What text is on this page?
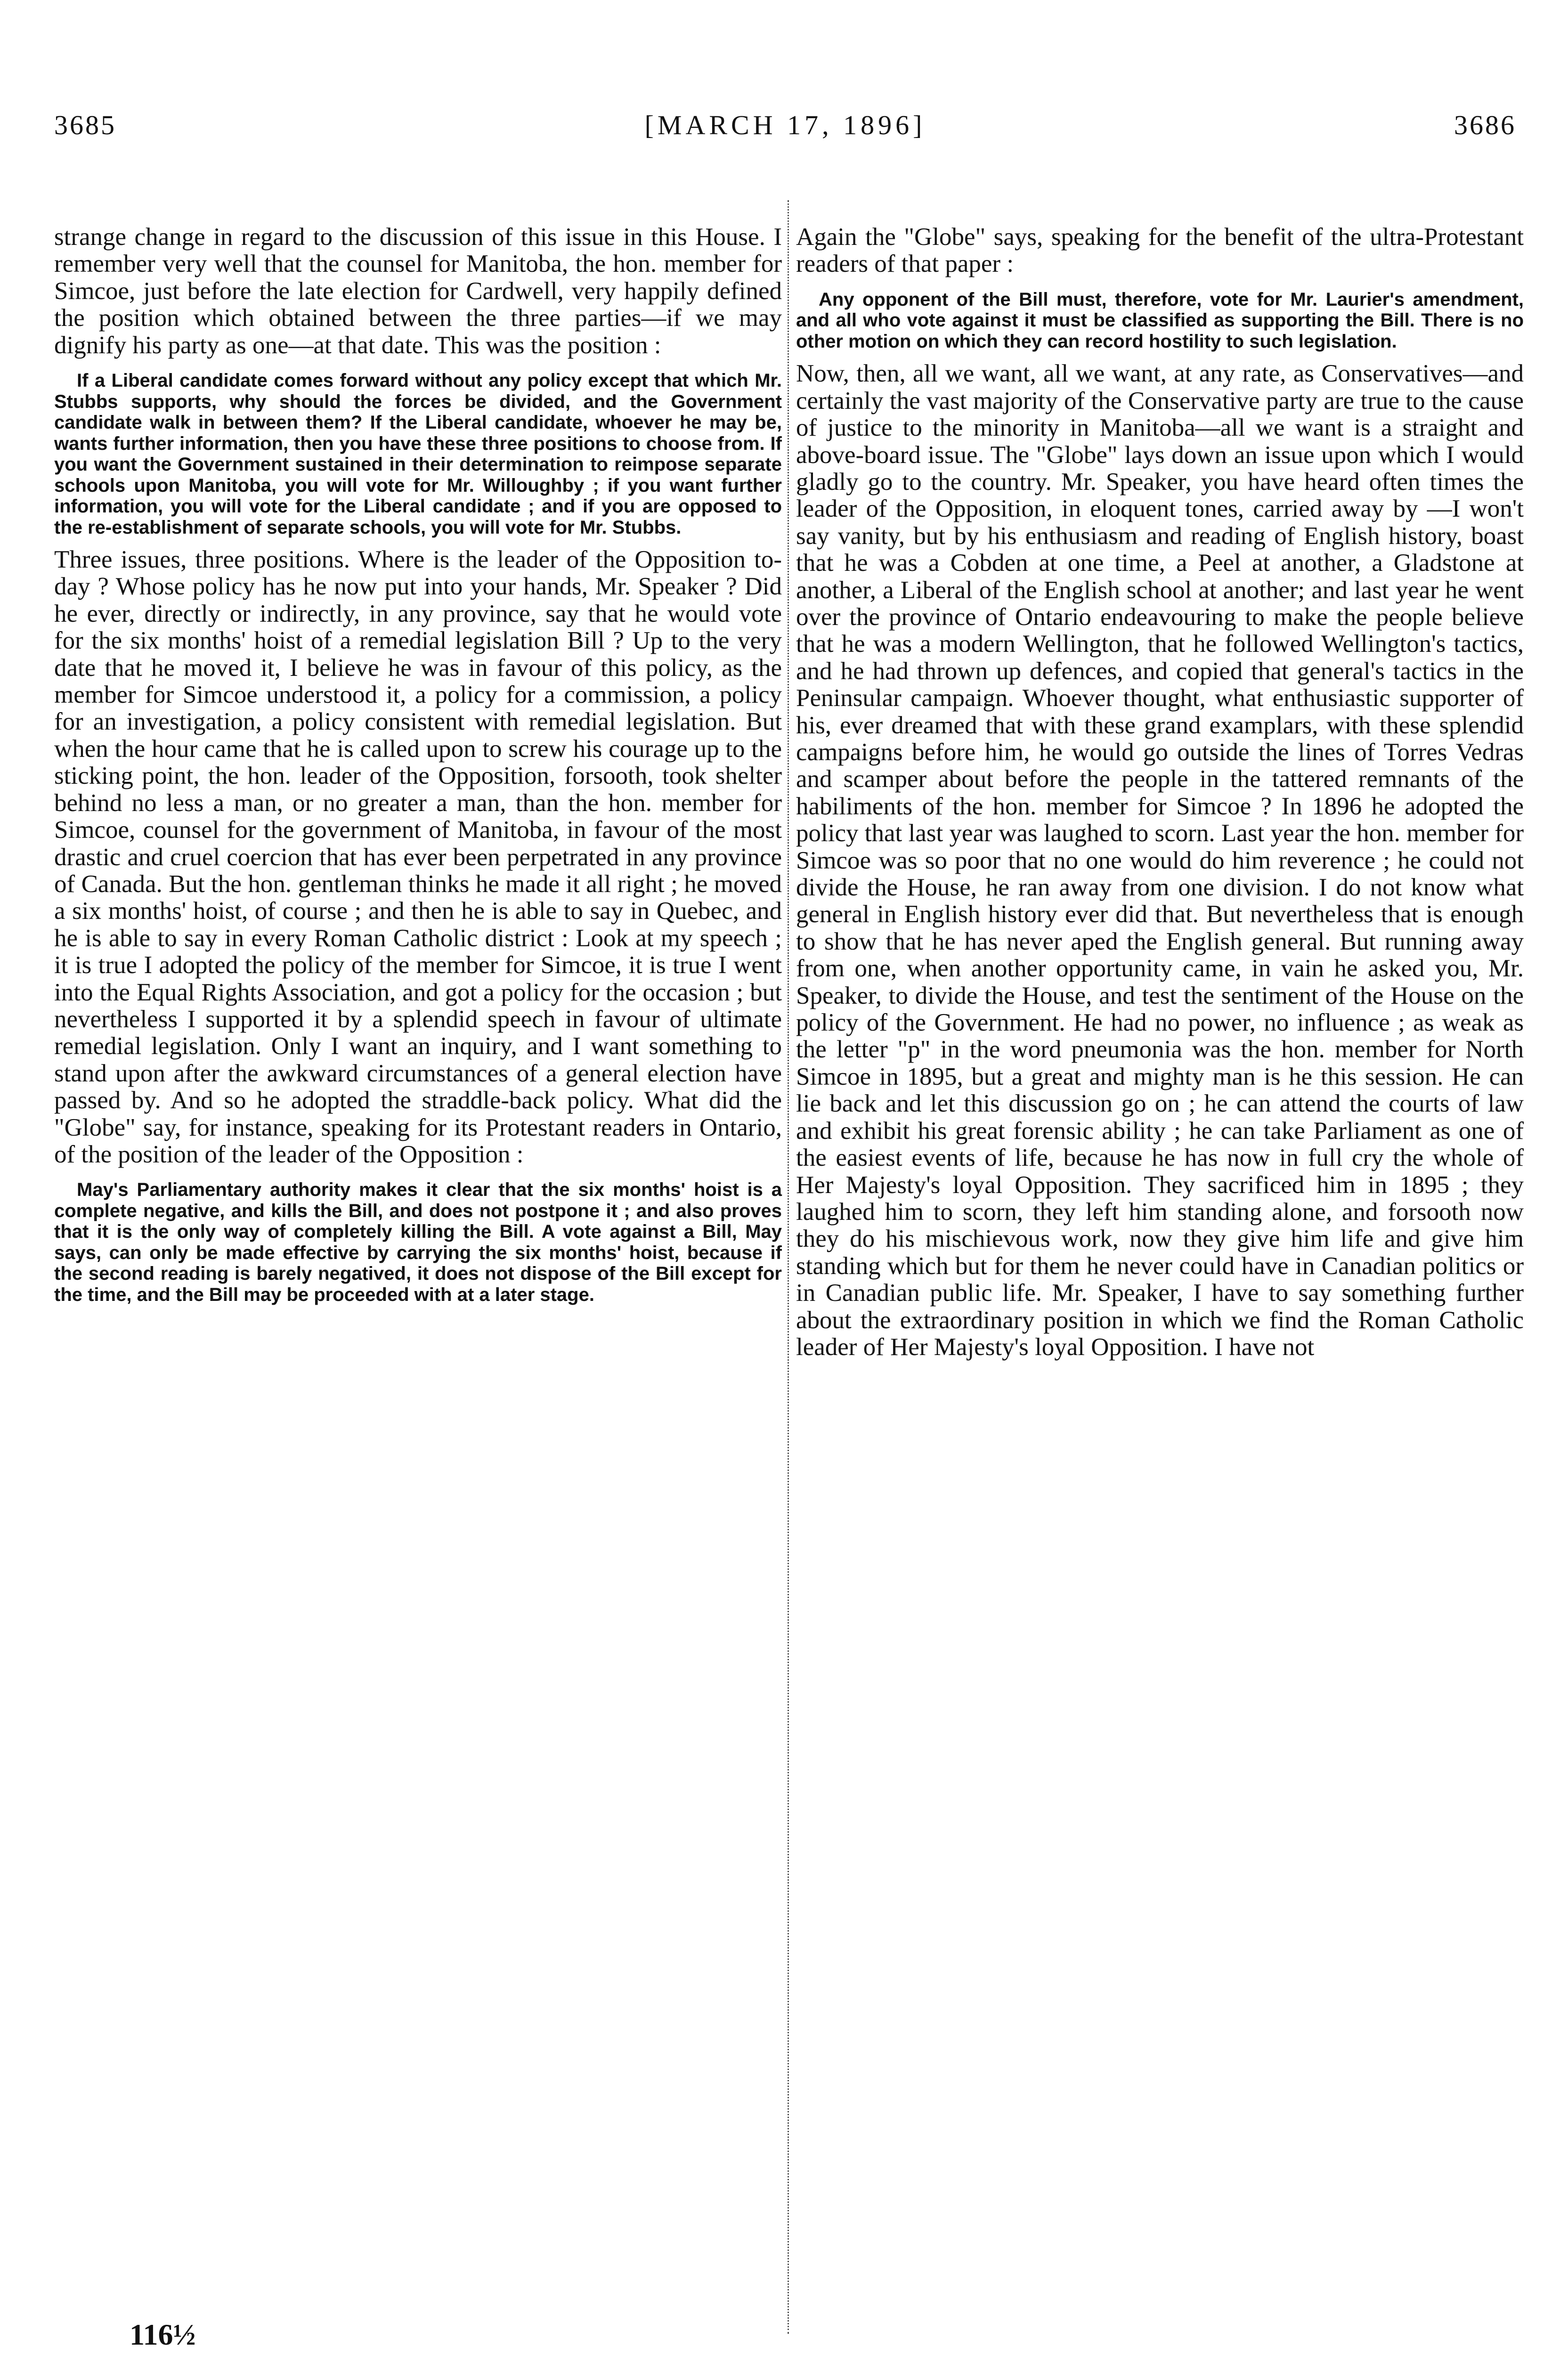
3685	[MARCH 17, 1896]	3686

strange change in regard to the discussion of this issue in this House. I remember very well that the counsel for Manitoba, the hon. member for Simcoe, just before the late election for Cardwell, very happily defined the position which obtained between the three parties—if we may dignify his party as one—at that date. This was the position :

If a Liberal candidate comes forward without any policy except that which Mr. Stubbs supports, why should the forces be divided, and the Government candidate walk in between them? If the Liberal candidate, whoever he may be, wants further information, then you have these three positions to choose from. If you want the Government sustained in their determination to reimpose separate schools upon Manitoba, you will vote for Mr. Willoughby ; if you want further information, you will vote for the Liberal candidate ; and if you are opposed to the re-establishment of separate schools, you will vote for Mr. Stubbs.

Three issues, three positions. Where is the leader of the Opposition to-day ? Whose policy has he now put into your hands, Mr. Speaker ? Did he ever, directly or indirectly, in any province, say that he would vote for the six months' hoist of a remedial legislation Bill ? Up to the very date that he moved it, I believe he was in favour of this policy, as the member for Simcoe understood it, a policy for a commission, a policy for an investigation, a policy consistent with remedial legislation. But when the hour came that he is called upon to screw his courage up to the sticking point, the hon. leader of the Opposition, forsooth, took shelter behind no less a man, or no greater a man, than the hon. member for Simcoe, counsel for the government of Manitoba, in favour of the most drastic and cruel coercion that has ever been perpetrated in any province of Canada. But the hon. gentleman thinks he made it all right ; he moved a six months' hoist, of course ; and then he is able to say in Quebec, and he is able to say in every Roman Catholic district : Look at my speech ; it is true I adopted the policy of the member for Simcoe, it is true I went into the Equal Rights Association, and got a policy for the occasion ; but nevertheless I supported it by a splendid speech in favour of ultimate remedial legislation. Only I want an inquiry, and I want something to stand upon after the awkward circumstances of a general election have passed by. And so he adopted the straddle-back policy. What did the "Globe" say, for instance, speaking for its Protestant readers in Ontario, of the position of the leader of the Opposition :

May's Parliamentary authority makes it clear that the six months' hoist is a complete negative, and kills the Bill, and does not postpone it ; and also proves that it is the only way of completely killing the Bill. A vote against a Bill, May says, can only be made effective by carrying the six months' hoist, because if the second reading is barely negatived, it does not dispose of the Bill except for the time, and the Bill may be proceeded with at a later stage.

Again the "Globe" says, speaking for the benefit of the ultra-Protestant readers of that paper :

Any opponent of the Bill must, therefore, vote for Mr. Laurier's amendment, and all who vote against it must be classified as supporting the Bill. There is no other motion on which they can record hostility to such legislation.

Now, then, all we want, all we want, at any rate, as Conservatives—and certainly the vast majority of the Conservative party are true to the cause of justice to the minority in Manitoba—all we want is a straight and above-board issue. The "Globe" lays down an issue upon which I would gladly go to the country. Mr. Speaker, you have heard often times the leader of the Opposition, in eloquent tones, carried away by —I won't say vanity, but by his enthusiasm and reading of English history, boast that he was a Cobden at one time, a Peel at another, a Gladstone at another, a Liberal of the English school at another; and last year he went over the province of Ontario endeavouring to make the people believe that he was a modern Wellington, that he followed Wellington's tactics, and he had thrown up defences, and copied that general's tactics in the Peninsular campaign. Whoever thought, what enthusiastic supporter of his, ever dreamed that with these grand examplars, with these splendid campaigns before him, he would go outside the lines of Torres Vedras and scamper about before the people in the tattered remnants of the habiliments of the hon. member for Simcoe ? In 1896 he adopted the policy that last year was laughed to scorn. Last year the hon. member for Simcoe was so poor that no one would do him reverence ; he could not divide the House, he ran away from one division. I do not know what general in English history ever did that. But nevertheless that is enough to show that he has never aped the English general. But running away from one, when another opportunity came, in vain he asked you, Mr. Speaker, to divide the House, and test the sentiment of the House on the policy of the Government. He had no power, no influence ; as weak as the letter "p" in the word pneumonia was the hon. member for North Simcoe in 1895, but a great and mighty man is he this session. He can lie back and let this discussion go on ; he can attend the courts of law and exhibit his great forensic ability ; he can take Parliament as one of the easiest events of life, because he has now in full cry the whole of Her Majesty's loyal Opposition. They sacrificed him in 1895 ; they laughed him to scorn, they left him standing alone, and forsooth now they do his mischievous work, now they give him life and give him standing which but for them he never could have in Canadian politics or in Canadian public life. Mr. Speaker, I have to say something further about the extraordinary position in which we find the Roman Catholic leader of Her Majesty's loyal Opposition. I have not

116½
